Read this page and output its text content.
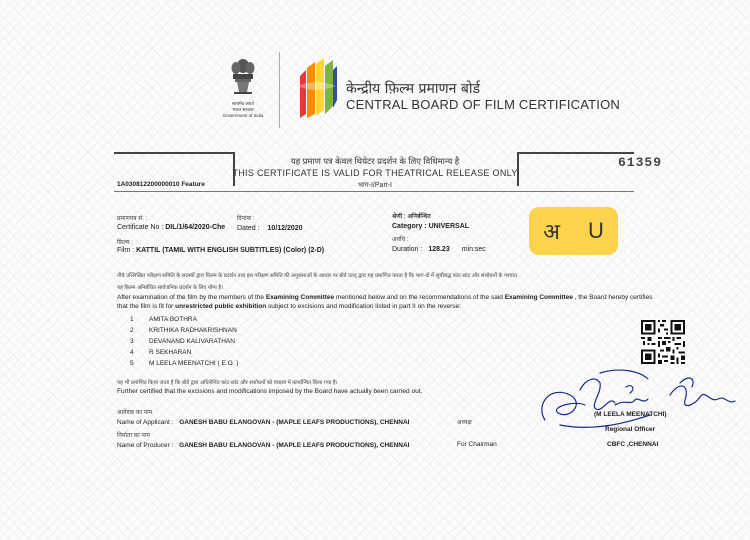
सत्यमेव जयते
भारत सरकार
Government of India
केन्द्रीय फ़िल्म प्रमाणन बोर्ड
CENTRAL BOARD OF FILM CERTIFICATION
यह प्रमाण पत्र केवल थियेटर प्रदर्शन के लिए विधिमान्य है
THIS CERTIFICATE IS VALID FOR THEATRICAL RELEASE ONLY
भाग-I/Part-I
61359
1A030812200000010 Feature
प्रमाणपत्र सं. :
Certificate No : DIL/1/64/2020-Che
दिनांक :
Dated : 10/12/2020
श्रेणी : अनिर्बन्धित
Category : UNIVERSAL
फ़िल्म :
Film : KATTIL (TAMIL WITH ENGLISH SUBTITLES) (Color) (2-D)
अवधि :
Duration : 128.23 min:sec
अ U
नीचे उल्लिखित परीक्षण समिति के सदस्यों द्वारा फ़िल्म के प्रदर्शन तथा इस परीक्षण समिति की अनुशंसाओं के आधार पर बोर्ड एतद् द्वारा यह प्रमाणित करता है कि भाग-दो में सूचीबद्ध कांट-छांट और संशोधनों के पश्चात
यह फ़िल्म अनिर्बंधित सार्वजनिक प्रदर्शन के लिए योग्य है।
After examination of the film by the members of the Examining Committee mentioned below and on the recommendations of the said Examining Committee , the Board hereby certifies
that the film is fit for unrestricted public exhibition subject to excisions and modification listed in part II on the reverse:
1 AMITA BOTHRA
2 KRITHIKA RADHAKRISHNAN
3 DEVANAND KALIVARATHAN
4 R SEKHARAN
5 M LEELA MEENATCHI ( E.O. )
यह भी प्रमाणित किया जाता है कि बोर्ड द्वारा अधिरोपित कांट-छांट और संशोधनों को वास्तव में कार्यान्वित किया गया है।
Further certified that the excisions and modifications imposed by the Board have actually been carried out.
आवेदक का नाम
Name of Applicant : GANESH BABU ELANGOVAN - (MAPLE LEAFS PRODUCTIONS), CHENNAI
निर्माता का नाम
Name of Producer : GANESH BABU ELANGOVAN - (MAPLE LEAFS PRODUCTIONS), CHENNAI
अध्यक्ष
For Chairman
(M LEELA MEENATCHI)
Regional Officer
CBFC ,CHENNAI
